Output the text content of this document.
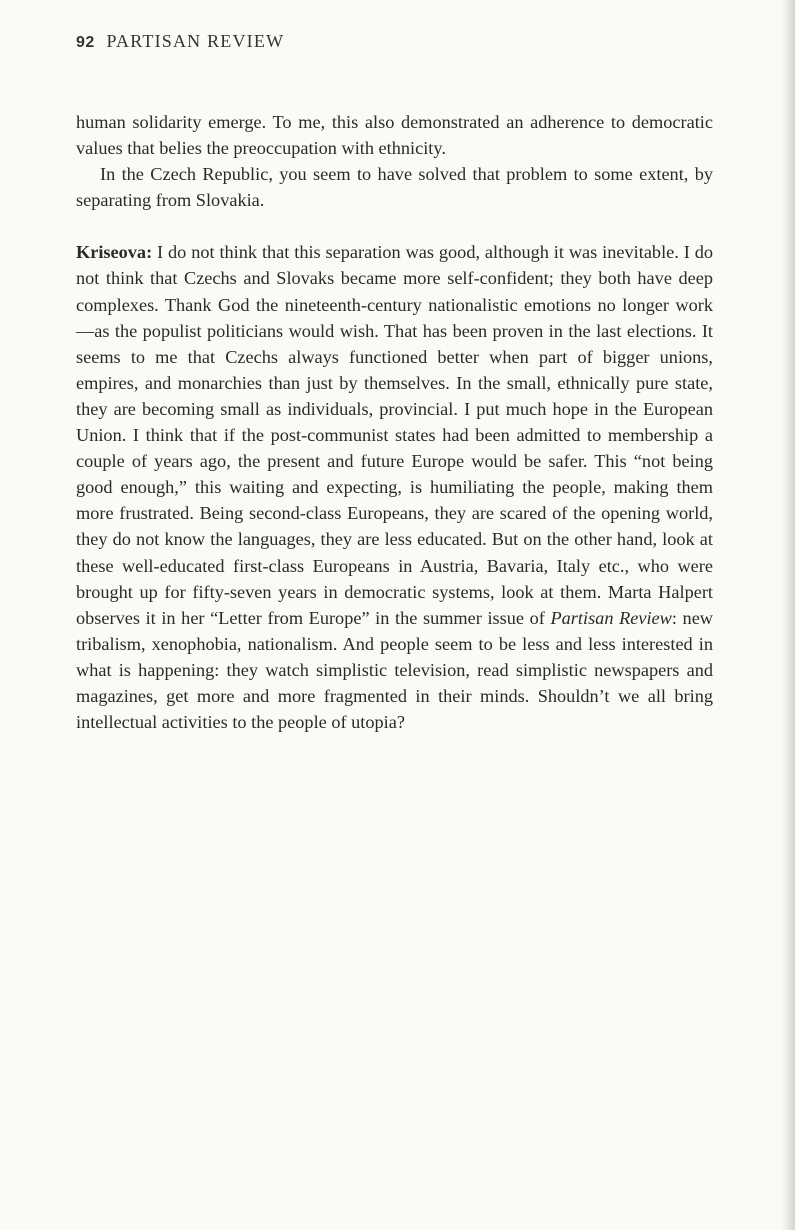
92 PARTISAN REVIEW

human solidarity emerge. To me, this also demonstrated an adherence to democratic values that belies the preoccupation with ethnicity.

In the Czech Republic, you seem to have solved that problem to some extent, by separating from Slovakia.

Kriseova: I do not think that this separation was good, although it was inevitable. I do not think that Czechs and Slovaks became more self-confident; they both have deep complexes. Thank God the nineteenth-century nationalistic emotions no longer work—as the populist politicians would wish. That has been proven in the last elections. It seems to me that Czechs always functioned better when part of bigger unions, empires, and monarchies than just by themselves. In the small, ethnically pure state, they are becoming small as individuals, provincial. I put much hope in the European Union. I think that if the post-communist states had been admitted to membership a couple of years ago, the present and future Europe would be safer. This “not being good enough,” this waiting and expecting, is humiliating the people, making them more frustrated. Being second-class Europeans, they are scared of the opening world, they do not know the languages, they are less educated. But on the other hand, look at these well-educated first-class Europeans in Austria, Bavaria, Italy etc., who were brought up for fifty-seven years in democratic systems, look at them. Marta Halpert observes it in her “Letter from Europe” in the summer issue of Partisan Review: new tribalism, xenophobia, nationalism. And people seem to be less and less interested in what is happening: they watch simplistic television, read simplistic newspapers and magazines, get more and more fragmented in their minds. Shouldn’t we all bring intellectual activities to the people of utopia?
